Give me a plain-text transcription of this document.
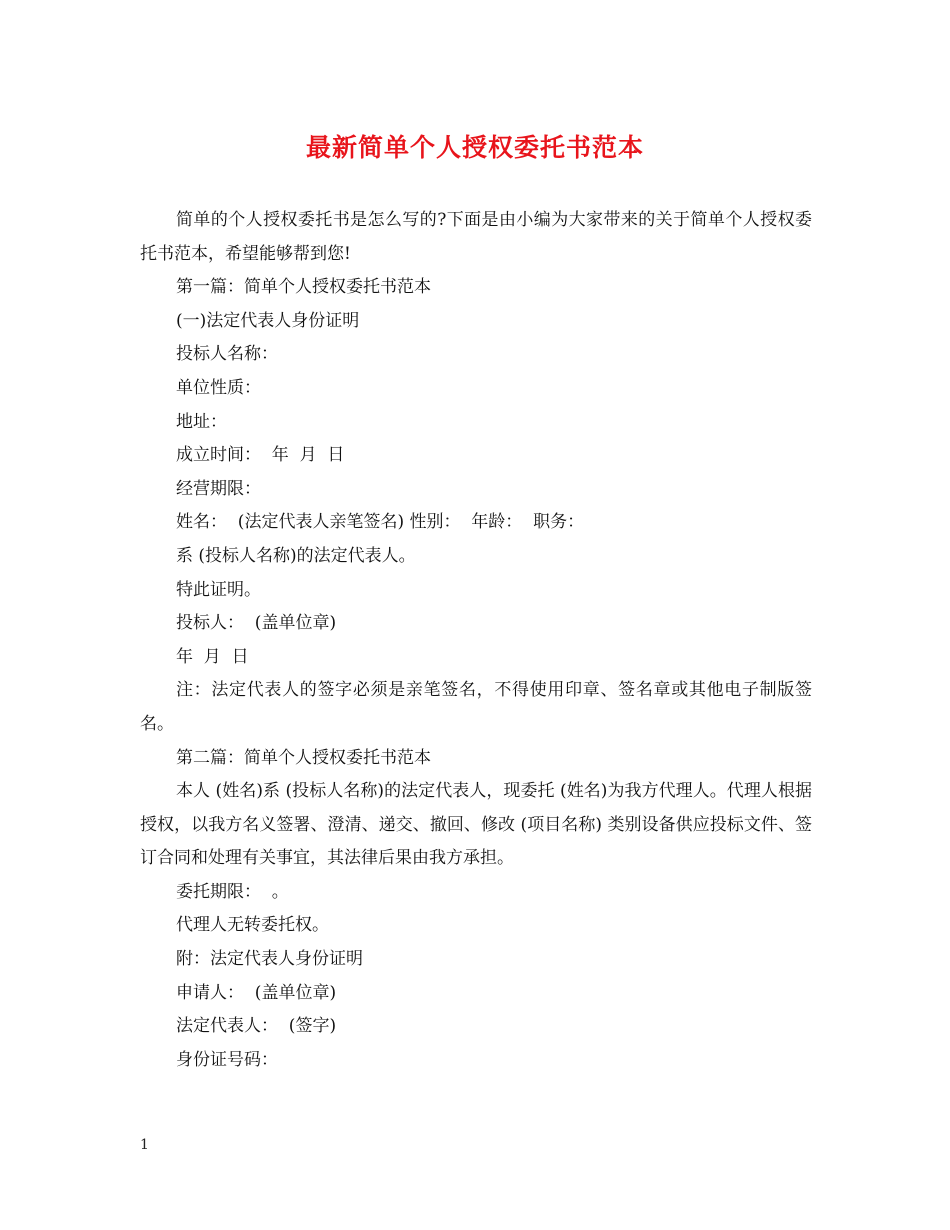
最新简单个人授权委托书范本

简单的个人授权委托书是怎么写的?下面是由小编为大家带来的关于简单个人授权委托书范本，希望能够帮到您!

第一篇：简单个人授权委托书范本

(一)法定代表人身份证明

投标人名称：

单位性质：

地址：

成立时间：  年  月  日

经营期限：

姓名：  (法定代表人亲笔签名) 性别：  年龄：  职务：

系 (投标人名称)的法定代表人。

特此证明。

投标人：  (盖单位章)

年  月  日

注：法定代表人的签字必须是亲笔签名，不得使用印章、签名章或其他电子制版签名。

第二篇：简单个人授权委托书范本

本人 (姓名)系 (投标人名称)的法定代表人，现委托 (姓名)为我方代理人。代理人根据授权，以我方名义签署、澄清、递交、撤回、修改 (项目名称) 类别设备供应投标文件、签订合同和处理有关事宜，其法律后果由我方承担。

委托期限：  。

代理人无转委托权。

附：法定代表人身份证明

申请人：  (盖单位章)

法定代表人：  (签字)

身份证号码：

1
